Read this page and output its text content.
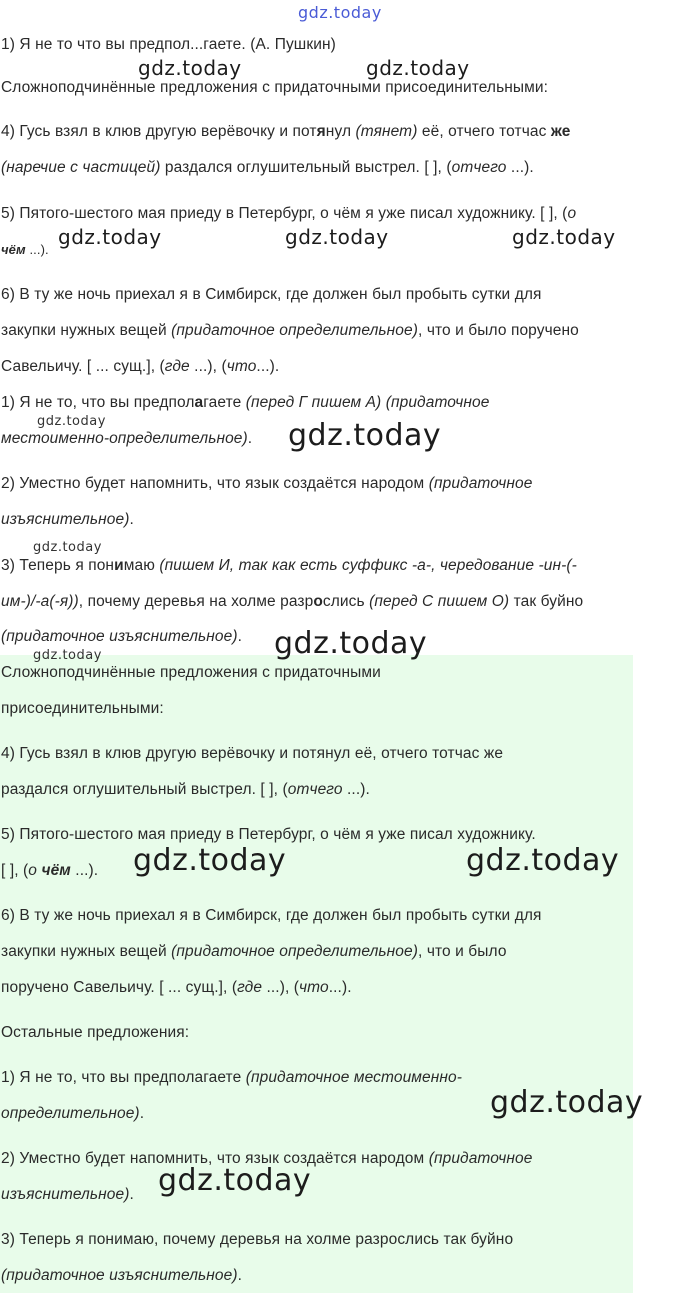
gdz.today
1) Я не то что вы предпол...гаете. (А. Пушкин)
Сложноподчинённые предложения с придаточными присоединительными:
4) Гусь взял в клюв другую верёвочку и потянул (тянет) её, отчего тотчас же
(наречие с частицей) раздался оглушительный выстрел. [ ], (отчего ...).
5) Пятого-шестого мая приеду в Петербург, о чём я уже писал художнику. [ ], (о
чём ...).
6) В ту же ночь приехал я в Симбирск, где должен был пробыть сутки для
закупки нужных вещей (придаточное определительное), что и было поручено
Савельичу. [ ... сущ.], (где ...), (что...).
1) Я не то, что вы предполагаете (перед Г пишем А) (придаточное
местоименно-определительное).
2) Уместно будет напомнить, что язык создаётся народом (придаточное
изъяснительное).
3) Теперь я понимаю (пишем И, так как есть суффикс -а-, чередование -ин-(-
им-)/-а(-я)), почему деревья на холме разрослись (перед С пишем О) так буйно
(придаточное изъяснительное).
Сложноподчинённые предложения с придаточными
присоединительными:
4) Гусь взял в клюв другую верёвочку и потянул её, отчего тотчас же
раздался оглушительный выстрел. [ ], (отчего ...).
5) Пятого-шестого мая приеду в Петербург, о чём я уже писал художнику.
[ ], (о чём ...).
6) В ту же ночь приехал я в Симбирск, где должен был пробыть сутки для
закупки нужных вещей (придаточное определительное), что и было
поручено Савельичу. [ ... сущ.], (где ...), (что...).
Остальные предложения:
1) Я не то, что вы предполагаете (придаточное местоименно-
определительное).
2) Уместно будет напомнить, что язык создаётся народом (придаточное
изъяснительное).
3) Теперь я понимаю, почему деревья на холме разрослись так буйно
(придаточное изъяснительное).
gdz.today	gdz.today
gdz.today	gdz.today	gdz.today
gdz.today	gdz.today
gdz.today
gdz.today
gdz.today
gdz.today	gdz.today
gdz.today
gdz.today
